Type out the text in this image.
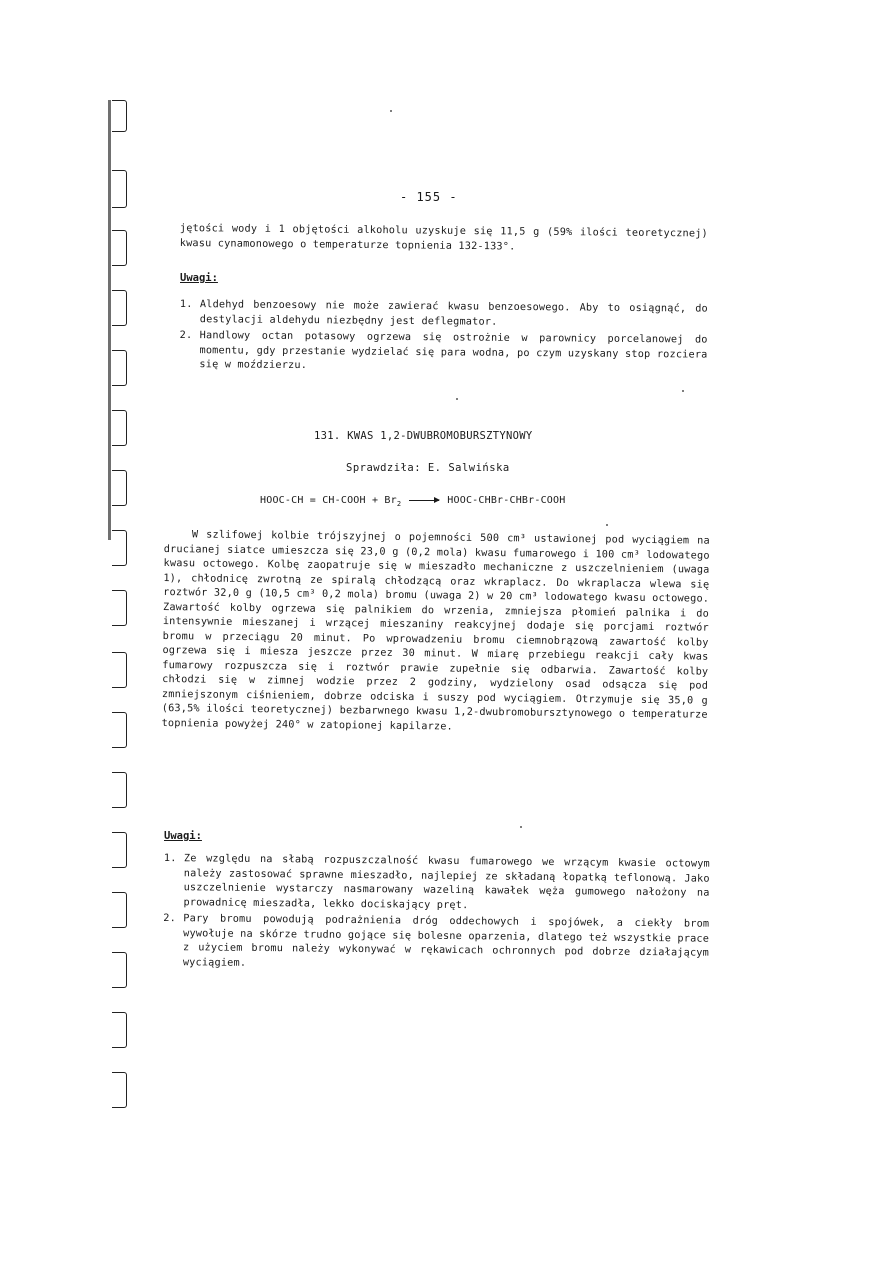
- 155 -

jętości wody i 1 objętości alkoholu uzyskuje się 11,5 g (59% ilości teoretycznej) kwasu cynamonowego o temperaturze topnienia 132-133°.

Uwagi:
1. Aldehyd benzoesowy nie może zawierać kwasu benzoesowego. Aby to osiągnąć, do destylacji aldehydu niezbędny jest deflegmator.
2. Handlowy octan potasowy ogrzewa się ostrożnie w parownicy porcelanowej do momentu, gdy przestanie wydzielać się para wodna, po czym uzyskany stop rozciera się w moździerzu.
131. KWAS 1,2-DWUBROMOBURSZTYNOWY
Sprawdziła: E. Salwińska
HOOC-CH = CH-COOH + $Br_2$ → HOOC-CHBr-CHBr-COOH

W szlifowej kolbie trójszyjnej o pojemności 500 cm³ ustawionej pod wyciągiem na drucianej siatce umieszcza się 23,0 g (0,2 mola) kwasu fumarowego i 100 cm³ lodowatego kwasu octowego. Kolbę zaopatruje się w mieszadło mechaniczne z uszczelnieniem (uwaga 1), chłodnicę zwrotną ze spiralą chłodzącą oraz wkraplacz. Do wkraplacza wlewa się roztwór 32,0 g (10,5 cm³ 0,2 mola) bromu (uwaga 2) w 20 cm³ lodowatego kwasu octowego. Zawartość kolby ogrzewa się palnikiem do wrzenia, zmniejsza płomień palnika i do intensywnie mieszanej i wrzącej mieszaniny reakcyjnej dodaje się porcjami roztwór bromu w przeciągu 20 minut. Po wprowadzeniu bromu ciemnobrązową zawartość kolby ogrzewa się i miesza jeszcze przez 30 minut. W miarę przebiegu reakcji cały kwas fumarowy rozpuszcza się i roztwór prawie zupełnie się odbarwia. Zawartość kolby chłodzi się w zimnej wodzie przez 2 godziny, wydzielony osad odsącza się pod zmniejszonym ciśnieniem, dobrze odciska i suszy pod wyciągiem. Otrzymuje się 35,0 g (63,5% ilości teoretycznej) bezbarwnego kwasu 1,2-dwubromobursztynowego o temperaturze topnienia powyżej 240° w zatopionej kapilarze.

Uwagi:
1. Ze względu na słabą rozpuszczalność kwasu fumarowego we wrzącym kwasie octowym należy zastosować sprawne mieszadło, najlepiej ze składaną łopatką teflonową. Jako uszczelnienie wystarczy nasmarowany wazeliną kawałek węża gumowego nałożony na prowadnicę mieszadła, lekko dociskający pręt.
2. Pary bromu powodują podrażnienia dróg oddechowych i spojówek, a ciekły brom wywołuje na skórze trudno gojące się bolesne oparzenia, dlatego też wszystkie prace z użyciem bromu należy wykonywać w rękawicach ochronnych pod dobrze działającym wyciągiem.
